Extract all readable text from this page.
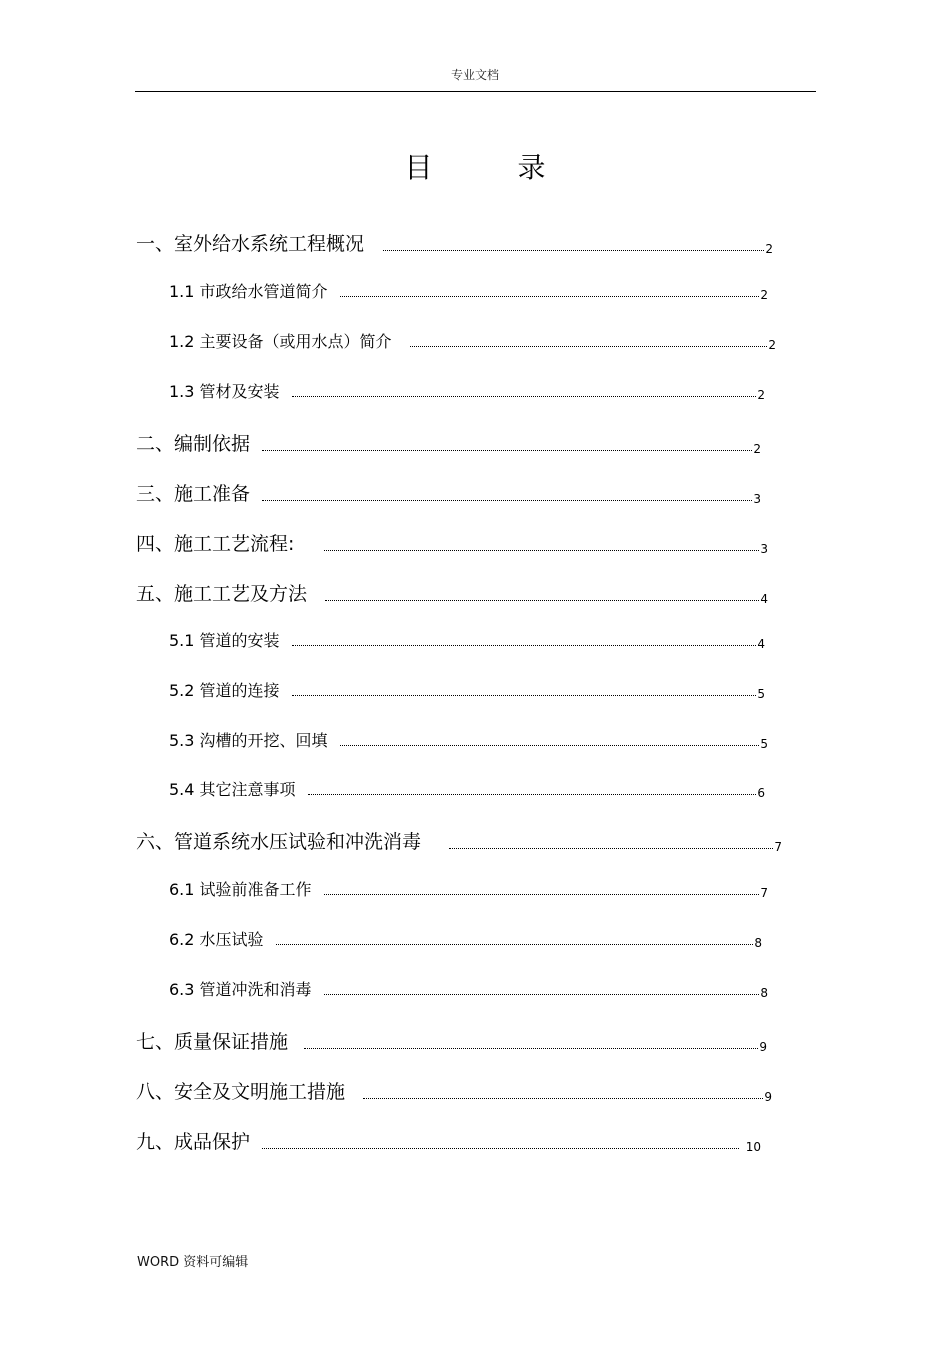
专业文档
目 录
一、室外给水系统工程概况	2
1.1 市政给水管道简介	2
1.2 主要设备（或用水点）简介	2
1.3 管材及安装	2
二、编制依据	2
三、施工准备	3
四、施工工艺流程:	3
五、施工工艺及方法	4
5.1 管道的安装	4
5.2 管道的连接	5
5.3 沟槽的开挖、回填	5
5.4 其它注意事项	6
六、管道系统水压试验和冲洗消毒	7
6.1 试验前准备工作	7
6.2 水压试验	8
6.3 管道冲洗和消毒	8
七、质量保证措施	9
八、安全及文明施工措施	9
九、成品保护	10
WORD 资料可编辑
